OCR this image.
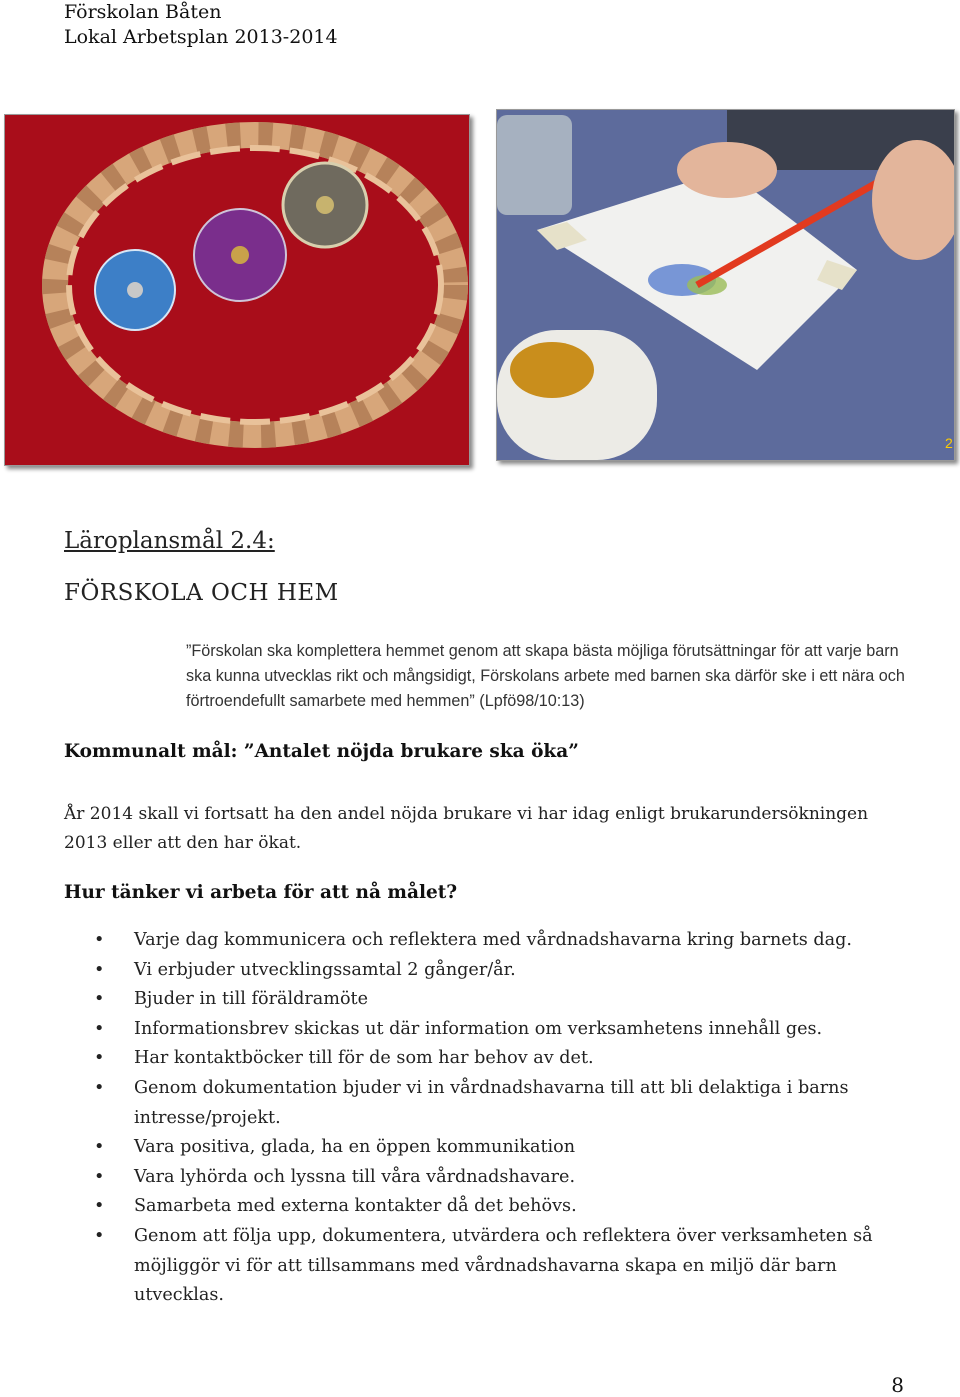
Förskolan Båten
Lokal Arbetsplan 2013-2014
2
Läroplansmål 2.4:
FÖRSKOLA OCH HEM
”Förskolan ska komplettera hemmet genom att skapa bästa möjliga förutsättningar för att varje barn ska kunna utvecklas rikt och mångsidigt, Förskolans arbete med barnen ska därför ske i ett nära och förtroendefullt samarbete med hemmen” (Lpfö98/10:13)
Kommunalt mål: ”Antalet nöjda brukare ska öka”
År 2014 skall vi fortsatt ha den andel nöjda brukare vi har idag enligt brukarundersökningen 2013 eller att den har ökat.
Hur tänker vi arbeta för att nå målet?
• Varje dag kommunicera och reflektera med vårdnadshavarna kring barnets dag.
• Vi erbjuder utvecklingssamtal 2 gånger/år.
• Bjuder in till föräldramöte
• Informationsbrev skickas ut där information om verksamhetens innehåll ges.
• Har kontaktböcker till för de som har behov av det.
• Genom dokumentation bjuder vi in vårdnadshavarna till att bli delaktiga i barns intresse/projekt.
• Vara positiva, glada, ha en öppen kommunikation
• Vara lyhörda och lyssna till våra vårdnadshavare.
• Samarbeta med externa kontakter då det behövs.
• Genom att följa upp, dokumentera, utvärdera och reflektera över verksamheten så möjliggör vi för att tillsammans med vårdnadshavarna skapa en miljö där barn utvecklas.
8
